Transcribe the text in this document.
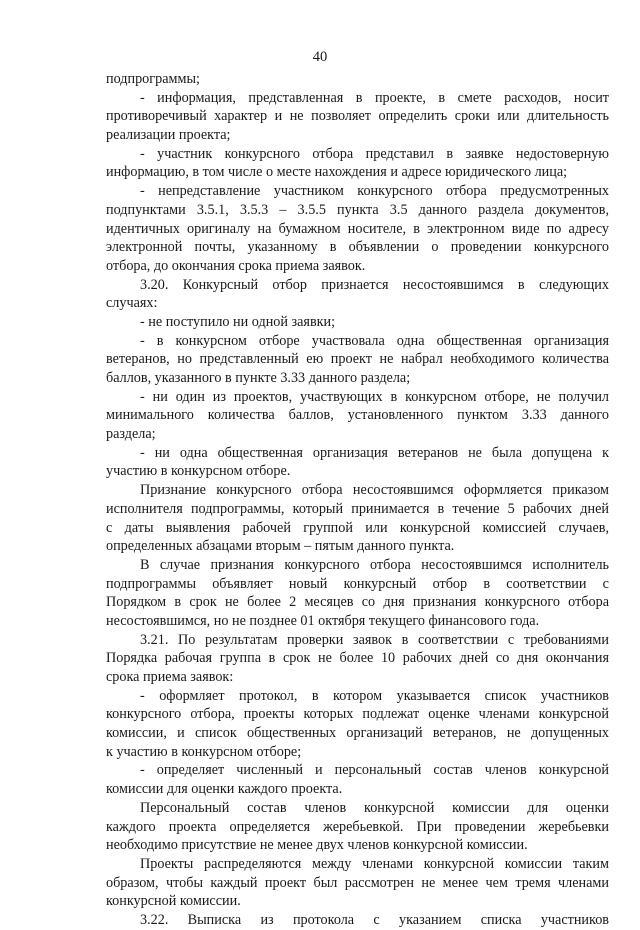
40
подпрограммы;
- информация, представленная в проекте, в смете расходов, носит
противоречивый характер и не позволяет определить сроки или длительность
реализации проекта;
- участник конкурсного отбора представил в заявке недостоверную
информацию, в том числе о месте нахождения и адресе юридического лица;
- непредставление участником конкурсного отбора предусмотренных
подпунктами 3.5.1, 3.5.3 – 3.5.5 пункта 3.5 данного раздела документов,
идентичных оригиналу на бумажном носителе, в электронном виде по адресу
электронной почты, указанному в объявлении о проведении конкурсного
отбора, до окончания срока приема заявок.
3.20. Конкурсный отбор признается несостоявшимся в следующих
случаях:
- не поступило ни одной заявки;
- в конкурсном отборе участвовала одна общественная организация
ветеранов, но представленный ею проект не набрал необходимого количества
баллов, указанного в пункте 3.33 данного раздела;
- ни один из проектов, участвующих в конкурсном отборе, не получил
минимального количества баллов, установленного пунктом 3.33 данного
раздела;
- ни одна общественная организация ветеранов не была допущена к
участию в конкурсном отборе.
Признание конкурсного отбора несостоявшимся оформляется приказом
исполнителя подпрограммы, который принимается в течение 5 рабочих дней
с даты выявления рабочей группой или конкурсной комиссией случаев,
определенных абзацами вторым – пятым данного пункта.
В случае признания конкурсного отбора несостоявшимся исполнитель
подпрограммы объявляет новый конкурсный отбор в соответствии с
Порядком в срок не более 2 месяцев со дня признания конкурсного отбора
несостоявшимся, но не позднее 01 октября текущего финансового года.
3.21. По результатам проверки заявок в соответствии с требованиями
Порядка рабочая группа в срок не более 10 рабочих дней со дня окончания
срока приема заявок:
- оформляет протокол, в котором указывается список участников
конкурсного отбора, проекты которых подлежат оценке членами конкурсной
комиссии, и список общественных организаций ветеранов, не допущенных
к участию в конкурсном отборе;
- определяет численный и персональный состав членов конкурсной
комиссии для оценки каждого проекта.
Персональный состав членов конкурсной комиссии для оценки
каждого проекта определяется жеребьевкой. При проведении жеребьевки
необходимо присутствие не менее двух членов конкурсной комиссии.
Проекты распределяются между членами конкурсной комиссии таким
образом, чтобы каждый проект был рассмотрен не менее чем тремя членами
конкурсной комиссии.
3.22. Выписка из протокола с указанием списка участников
